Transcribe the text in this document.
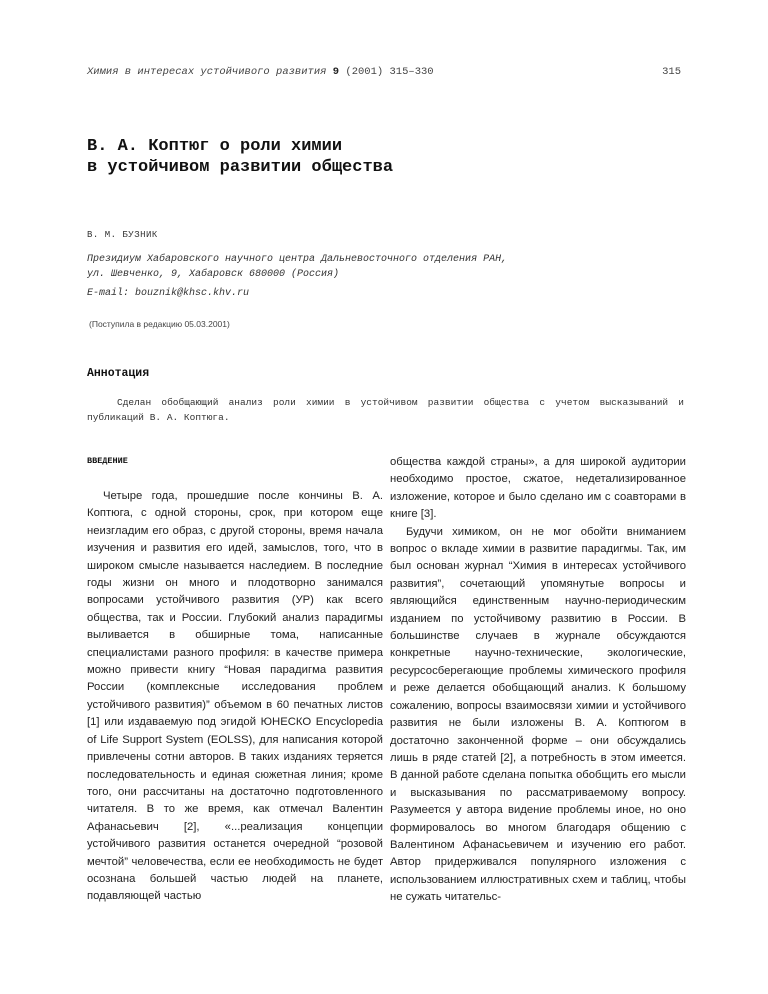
Химия в интересах устойчивого развития 9 (2001) 315–330	315
В. А. Коптюг о роли химии
в устойчивом развитии общества
В. М. БУЗНИК
Президиум Хабаровского научного центра Дальневосточного отделения РАН,
ул. Шевченко, 9, Хабаровск 680000 (Россия)
E-mail: bouznik@khsc.khv.ru
(Поступила в редакцию 05.03.2001)
Аннотация

Сделан обобщающий анализ роли химии в устойчивом развитии общества с учетом высказываний и публикаций В. А. Коптюга.

ВВЕДЕНИЕ

Четыре года, прошедшие после кончины В. А. Коптюга, с одной стороны, срок, при котором еще неизгладим его образ, с другой стороны, время начала изучения и развития его идей, замыслов, того, что в широком смысле называется наследием. В последние годы жизни он много и плодотворно занимался вопросами устойчивого развития (УР) как всего общества, так и России. Глубокий анализ парадигмы выливается в обширные тома, написанные специалистами разного профиля: в качестве примера можно привести книгу “Новая парадигма развития России (комплексные исследования проблем устойчивого развития)” объемом в 60 печатных листов [1] или издаваемую под эгидой ЮНЕСКО Encyclopedia of Life Support System (EOLSS), для написания которой привлечены сотни авторов. В таких изданиях теряется последовательность и единая сюжетная линия; кроме того, они рассчитаны на достаточно подготовленного читателя. В то же время, как отмечал Валентин Афанасьевич [2], «...реализация концепции устойчивого развития останется очередной “розовой мечтой” человечества, если ее необходимость не будет осознана большей частью людей на планете, подавляющей частью

общества каждой страны», а для широкой аудитории необходимо простое, сжатое, недетализированное изложение, которое и было сделано им с соавторами в книге [3].

Будучи химиком, он не мог обойти вниманием вопрос о вкладе химии в развитие парадигмы. Так, им был основан журнал “Химия в интересах устойчивого развития”, сочетающий упомянутые вопросы и являющийся единственным научно-периодическим изданием по устойчивому развитию в России. В большинстве случаев в журнале обсуждаются конкретные научно-технические, экологические, ресурсосберегающие проблемы химического профиля и реже делается обобщающий анализ. К большому сожалению, вопросы взаимосвязи химии и устойчивого развития не были изложены В. А. Коптюгом в достаточно законченной форме – они обсуждались лишь в ряде статей [2], а потребность в этом имеется. В данной работе сделана попытка обобщить его мысли и высказывания по рассматриваемому вопросу. Разумеется у автора видение проблемы иное, но оно формировалось во многом благодаря общению с Валентином Афанасьевичем и изучению его работ. Автор придерживался популярного изложения с использованием иллюстративных схем и таблиц, чтобы не сужать читательс-
